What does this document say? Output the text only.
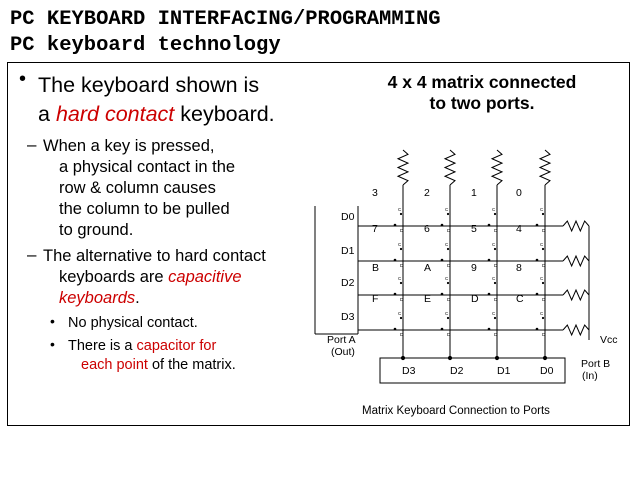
PC KEYBOARD INTERFACING/PROGRAMMING
PC keyboard technology
• The keyboard shown is
a hard contact keyboard.
– When a key is pressed,
a physical contact in the
row & column causes
the column to be pulled
to ground.
– The alternative to hard contact
keyboards are capacitive
keyboards.
• No physical contact.
• There is a capacitor for
each point of the matrix.
4 x 4 matrix connected
to two ports.
C
D
C
D
C
D
C
D
C
D
C
D
C
D
C
D
C
D
C
D
C
D
C
D
C
D
C
D
C
D
C
D
Port A
(Out)
Vcc
Port B
(In)
Matrix Keyboard Connection to Ports
D0
D1
D2
D3
D3	D2	D1	D0
3	2	1	0
7	6	5	4
B	A	9	8
F	E	D	C
